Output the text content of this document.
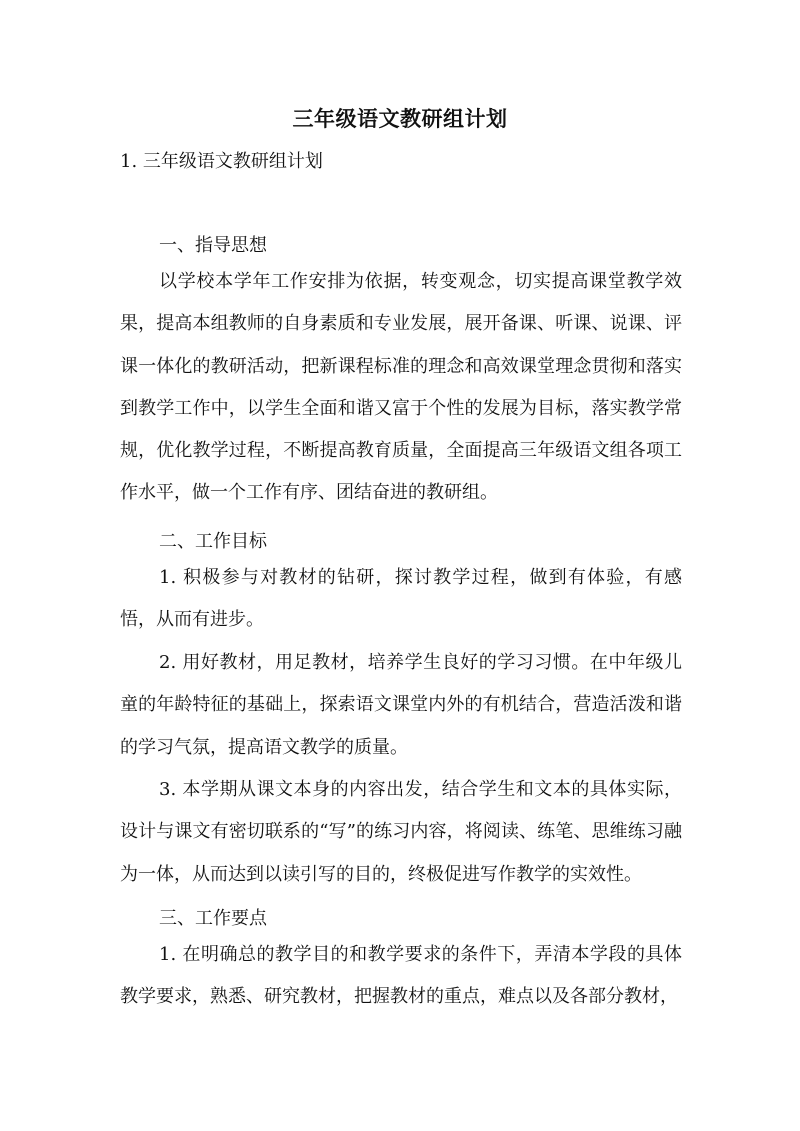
三年级语文教研组计划

1. 三年级语文教研组计划

一、指导思想

以学校本学年工作安排为依据，转变观念，切实提高课堂教学效果，提高本组教师的自身素质和专业发展，展开备课、听课、说课、评课一体化的教研活动，把新课程标准的理念和高效课堂理念贯彻和落实到教学工作中，以学生全面和谐又富于个性的发展为目标，落实教学常规，优化教学过程，不断提高教育质量，全面提高三年级语文组各项工作水平，做一个工作有序、团结奋进的教研组。

二、工作目标

1. 积极参与对教材的钻研，探讨教学过程，做到有体验，有感悟，从而有进步。

2. 用好教材，用足教材，培养学生良好的学习习惯。在中年级儿童的年龄特征的基础上，探索语文课堂内外的有机结合，营造活泼和谐的学习气氛，提高语文教学的质量。

3. 本学期从课文本身的内容出发，结合学生和文本的具体实际，设计与课文有密切联系的“写”的练习内容，将阅读、练笔、思维练习融为一体，从而达到以读引写的目的，终极促进写作教学的实效性。

三、工作要点

1. 在明确总的教学目的和教学要求的条件下，弄清本学段的具体教学要求，熟悉、研究教材，把握教材的重点，难点以及各部分教材，
